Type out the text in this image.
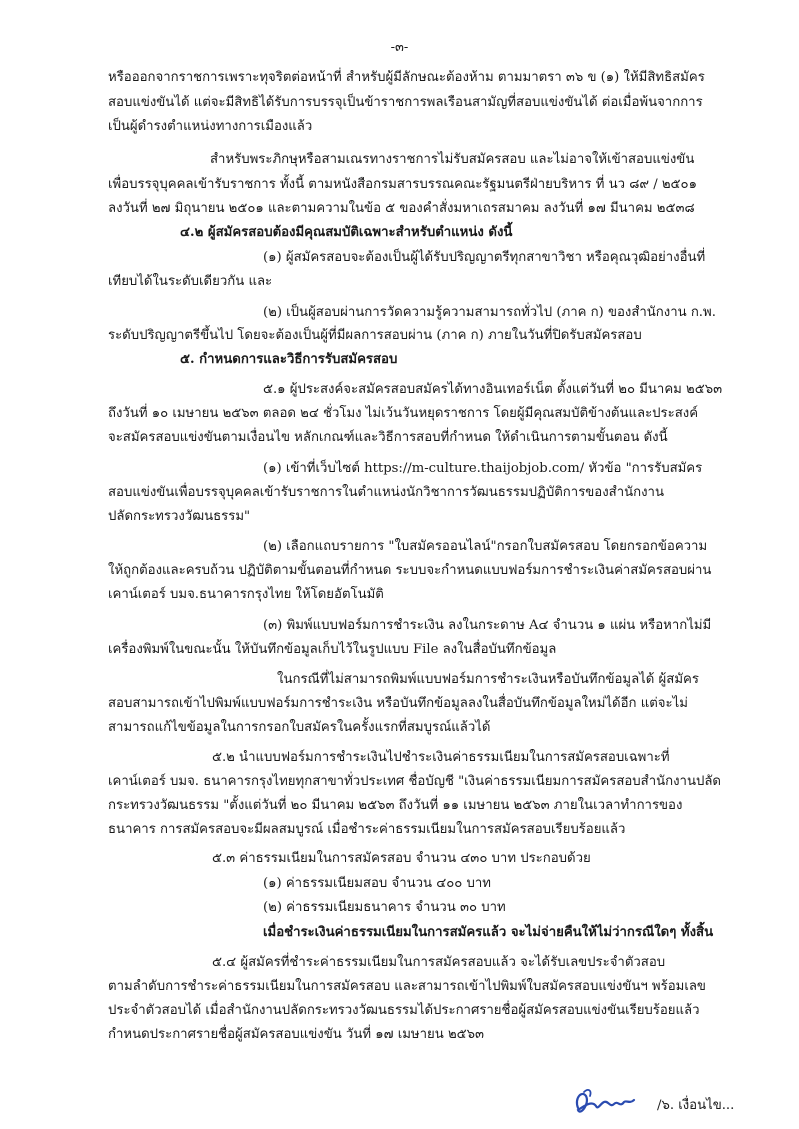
-๓-
หรือออกจากราชการเพราะทุจริตต่อหน้าที่ สำหรับผู้มีลักษณะต้องห้าม ตามมาตรา ๓๖ ข (๑) ให้มีสิทธิสมัคร
สอบแข่งขันได้ แต่จะมีสิทธิได้รับการบรรจุเป็นข้าราชการพลเรือนสามัญที่สอบแข่งขันได้ ต่อเมื่อพ้นจากการ
เป็นผู้ดำรงตำแหน่งทางการเมืองแล้ว
สำหรับพระภิกษุหรือสามเณรทางราชการไม่รับสมัครสอบ และไม่อาจให้เข้าสอบแข่งขัน
เพื่อบรรจุบุคคลเข้ารับราชการ ทั้งนี้ ตามหนังสือกรมสารบรรณคณะรัฐมนตรีฝ่ายบริหาร ที่ นว ๘๙ / ๒๕๐๑
ลงวันที่ ๒๗ มิถุนายน ๒๕๐๑ และตามความในข้อ ๕ ของคำสั่งมหาเถรสมาคม ลงวันที่ ๑๗ มีนาคม ๒๕๓๘
๔.๒ ผู้สมัครสอบต้องมีคุณสมบัติเฉพาะสำหรับตำแหน่ง ดังนี้
(๑) ผู้สมัครสอบจะต้องเป็นผู้ได้รับปริญญาตรีทุกสาขาวิชา หรือคุณวุฒิอย่างอื่นที่
เทียบได้ในระดับเดียวกัน และ
(๒) เป็นผู้สอบผ่านการวัดความรู้ความสามารถทั่วไป (ภาค ก) ของสำนักงาน ก.พ.
ระดับปริญญาตรีขึ้นไป โดยจะต้องเป็นผู้ที่มีผลการสอบผ่าน (ภาค ก) ภายในวันที่ปิดรับสมัครสอบ
๕. กำหนดการและวิธีการรับสมัครสอบ
๕.๑ ผู้ประสงค์จะสมัครสอบสมัครได้ทางอินเทอร์เน็ต ตั้งแต่วันที่ ๒๐ มีนาคม ๒๕๖๓
ถึงวันที่ ๑๐ เมษายน ๒๕๖๓ ตลอด ๒๔ ชั่วโมง ไม่เว้นวันหยุดราชการ โดยผู้มีคุณสมบัติข้างต้นและประสงค์
จะสมัครสอบแข่งขันตามเงื่อนไข หลักเกณฑ์และวิธีการสอบที่กำหนด ให้ดำเนินการตามขั้นตอน ดังนี้
(๑) เข้าที่เว็บไซต์ https://m-culture.thaijobjob.com/ หัวข้อ "การรับสมัคร
สอบแข่งขันเพื่อบรรจุบุคคลเข้ารับราชการในตำแหน่งนักวิชาการวัฒนธรรมปฏิบัติการของสำนักงาน
ปลัดกระทรวงวัฒนธรรม"
(๒) เลือกแถบรายการ "ใบสมัครออนไลน์"กรอกใบสมัครสอบ โดยกรอกข้อความ
ให้ถูกต้องและครบถ้วน ปฏิบัติตามขั้นตอนที่กำหนด ระบบจะกำหนดแบบฟอร์มการชำระเงินค่าสมัครสอบผ่าน
เคาน์เตอร์ บมจ.ธนาคารกรุงไทย ให้โดยอัตโนมัติ
(๓) พิมพ์แบบฟอร์มการชำระเงิน ลงในกระดาษ A๔ จำนวน ๑ แผ่น หรือหากไม่มี
เครื่องพิมพ์ในขณะนั้น ให้บันทึกข้อมูลเก็บไว้ในรูปแบบ File ลงในสื่อบันทึกข้อมูล
ในกรณีที่ไม่สามารถพิมพ์แบบฟอร์มการชำระเงินหรือบันทึกข้อมูลได้ ผู้สมัคร
สอบสามารถเข้าไปพิมพ์แบบฟอร์มการชำระเงิน หรือบันทึกข้อมูลลงในสื่อบันทึกข้อมูลใหม่ได้อีก แต่จะไม่
สามารถแก้ไขข้อมูลในการกรอกใบสมัครในครั้งแรกที่สมบูรณ์แล้วได้
๕.๒ นำแบบฟอร์มการชำระเงินไปชำระเงินค่าธรรมเนียมในการสมัครสอบเฉพาะที่
เคาน์เตอร์ บมจ. ธนาคารกรุงไทยทุกสาขาทั่วประเทศ ชื่อบัญชี "เงินค่าธรรมเนียมการสมัครสอบสำนักงานปลัด
กระทรวงวัฒนธรรม "ตั้งแต่วันที่ ๒๐ มีนาคม ๒๕๖๓ ถึงวันที่ ๑๑ เมษายน ๒๕๖๓ ภายในเวลาทำการของ
ธนาคาร การสมัครสอบจะมีผลสมบูรณ์ เมื่อชำระค่าธรรมเนียมในการสมัครสอบเรียบร้อยแล้ว
๕.๓ ค่าธรรมเนียมในการสมัครสอบ จำนวน ๔๓๐ บาท ประกอบด้วย
(๑) ค่าธรรมเนียมสอบ จำนวน ๔๐๐ บาท
(๒) ค่าธรรมเนียมธนาคาร จำนวน ๓๐ บาท
เมื่อชำระเงินค่าธรรมเนียมในการสมัครแล้ว จะไม่จ่ายคืนให้ไม่ว่ากรณีใดๆ ทั้งสิ้น
๕.๔ ผู้สมัครที่ชำระค่าธรรมเนียมในการสมัครสอบแล้ว จะได้รับเลขประจำตัวสอบ
ตามลำดับการชำระค่าธรรมเนียมในการสมัครสอบ และสามารถเข้าไปพิมพ์ใบสมัครสอบแข่งขันฯ พร้อมเลข
ประจำตัวสอบได้ เมื่อสำนักงานปลัดกระทรวงวัฒนธรรมได้ประกาศรายชื่อผู้สมัครสอบแข่งขันเรียบร้อยแล้ว
กำหนดประกาศรายชื่อผู้สมัครสอบแข่งขัน วันที่ ๑๗ เมษายน ๒๕๖๓
/๖. เงื่อนไข...
